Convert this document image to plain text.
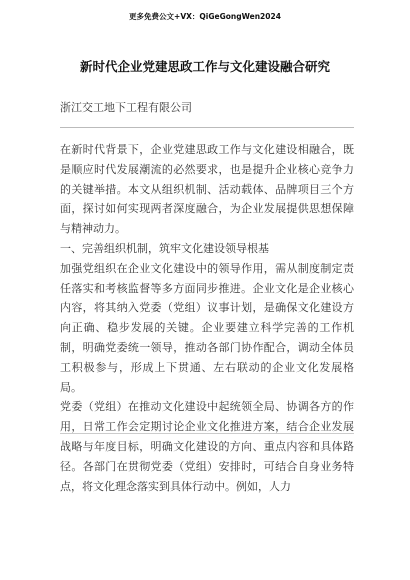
更多免费公文+VX：QiGeGongWen2024
新时代企业党建思政工作与文化建设融合研究
浙江交工地下工程有限公司

在新时代背景下，企业党建思政工作与文化建设相融合，既是顺应时代发展潮流的必然要求，也是提升企业核心竞争力的关键举措。本文从组织机制、活动载体、品牌项目三个方面，探讨如何实现两者深度融合，为企业发展提供思想保障与精神动力。

一、完善组织机制，筑牢文化建设领导根基

加强党组织在企业文化建设中的领导作用，需从制度制定责任落实和考核监督等多方面同步推进。企业文化是企业核心内容，将其纳入党委（党组）议事计划，是确保文化建设方向正确、稳步发展的关键。企业要建立科学完善的工作机制，明确党委统一领导，推动各部门协作配合，调动全体员工积极参与，形成上下贯通、左右联动的企业文化发展格局。

党委（党组）在推动文化建设中起统领全局、协调各方的作用，日常工作会定期讨论企业文化推进方案，结合企业发展战略与年度目标，明确文化建设的方向、重点内容和具体路径。各部门在贯彻党委（党组）安排时，可结合自身业务特点，将文化理念落实到具体行动中。例如，人力
